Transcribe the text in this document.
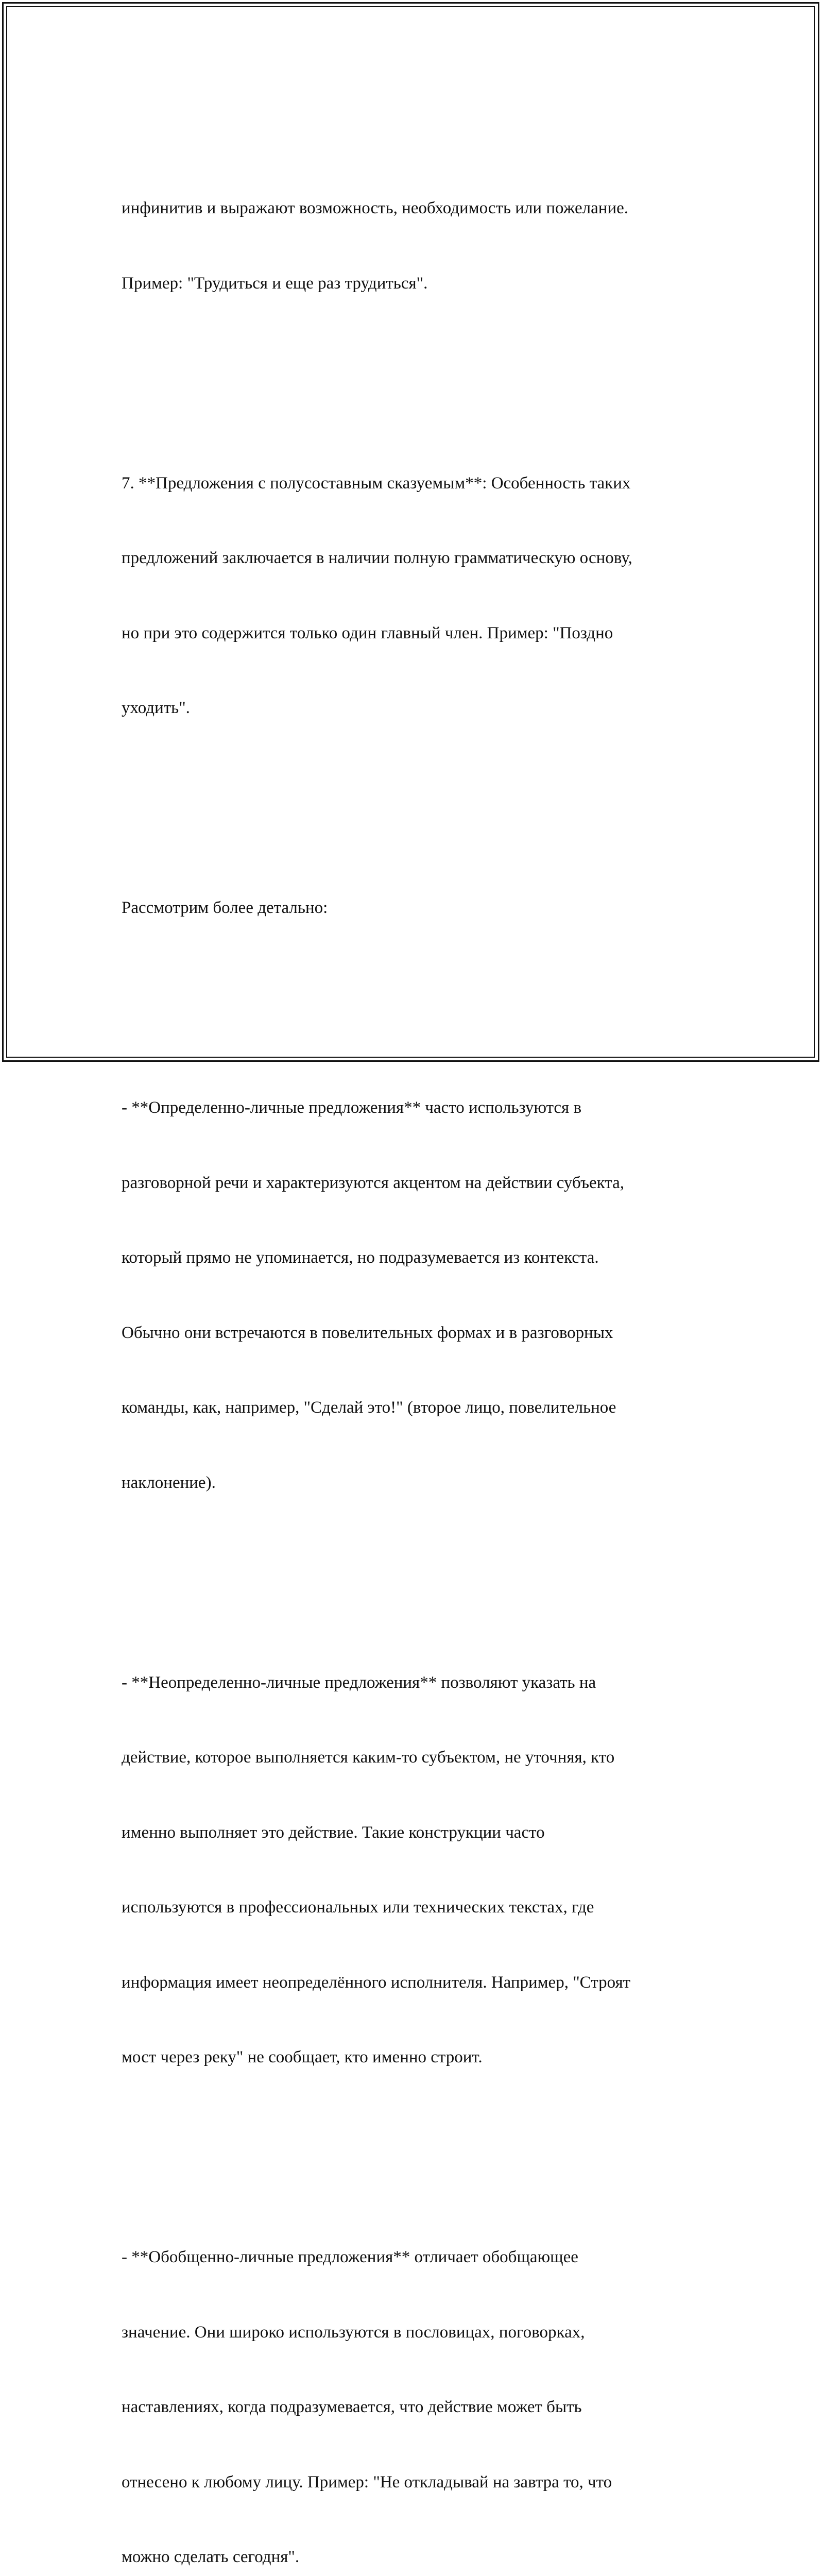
инфинитив и выражают возможность, необходимость или пожелание.

Пример: "Трудиться и еще раз трудиться".

7. **Предложения с полусоставным сказуемым**: Особенность таких

предложений заключается в наличии полную грамматическую основу,

но при это содержится только один главный член. Пример: "Поздно

уходить".

Рассмотрим более детально:

- **Определенно-личные предложения** часто используются в

разговорной речи и характеризуются акцентом на действии субъекта,

который прямо не упоминается, но подразумевается из контекста.

Обычно они встречаются в повелительных формах и в разговорных

команды, как, например, "Сделай это!" (второе лицо, повелительное

наклонение).

- **Неопределенно-личные предложения** позволяют указать на

действие, которое выполняется каким-то субъектом, не уточняя, кто

именно выполняет это действие. Такие конструкции часто

используются в профессиональных или технических текстах, где

информация имеет неопределённого исполнителя. Например, "Строят

мост через реку" не сообщает, кто именно строит.

- **Обобщенно-личные предложения** отличает обобщающее

значение. Они широко используются в пословицах, поговорках,

наставлениях, когда подразумевается, что действие может быть

отнесено к любому лицу. Пример: "Не откладывай на завтра то, что

можно сделать сегодня".
